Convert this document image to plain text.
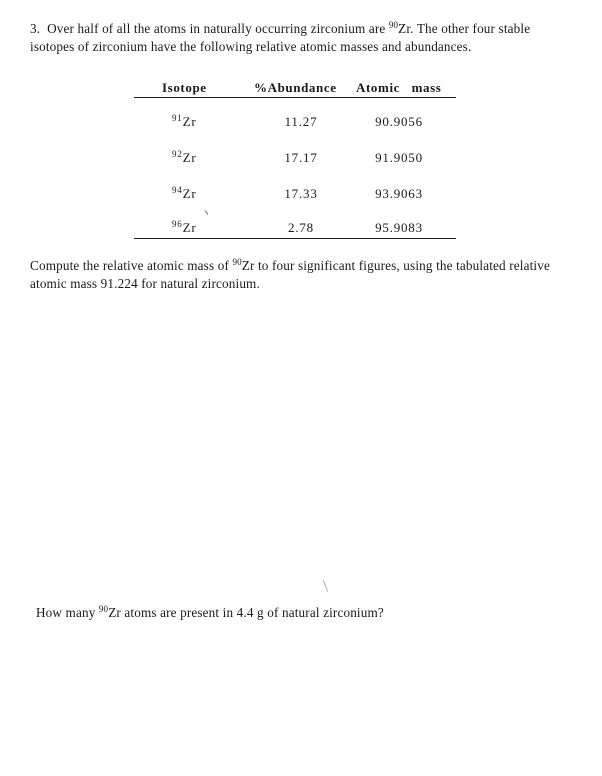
3. Over half of all the atoms in naturally occurring zirconium are $^{90}$Zr. The other four stable isotopes of zirconium have the following relative atomic masses and abundances.

Isotope	%Abundance Atomic   mass
$^{91}$Zr	11.27	90.9056
$^{92}$Zr	17.17	91.9050
$^{94}$Zr	17.33	93.9063
$^{96}$Zr	2.78	95.9083

Compute the relative atomic mass of $^{90}$Zr to four significant figures, using the tabulated relative atomic mass 91.224 for natural zirconium.

How many $^{90}$Zr atoms are present in 4.4 g of natural zirconium?
